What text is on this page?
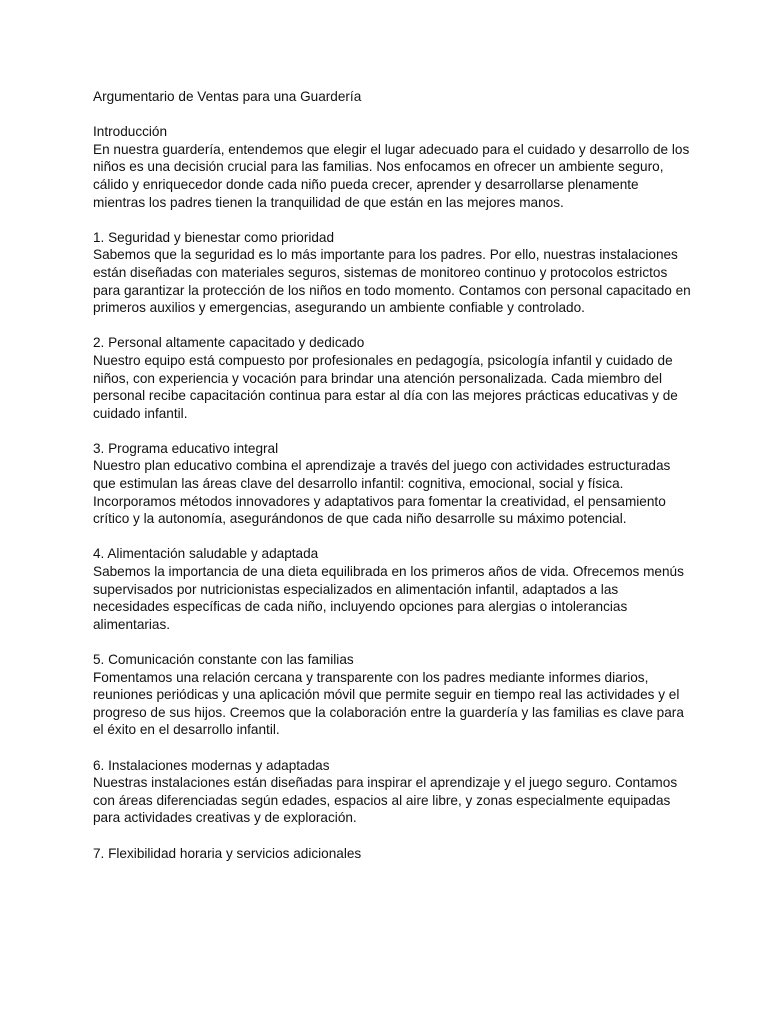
Argumentario de Ventas para una Guardería

Introducción
En nuestra guardería, entendemos que elegir el lugar adecuado para el cuidado y desarrollo de los niños es una decisión crucial para las familias. Nos enfocamos en ofrecer un ambiente seguro, cálido y enriquecedor donde cada niño pueda crecer, aprender y desarrollarse plenamente mientras los padres tienen la tranquilidad de que están en las mejores manos.
1. Seguridad y bienestar como prioridad
Sabemos que la seguridad es lo más importante para los padres. Por ello, nuestras instalaciones están diseñadas con materiales seguros, sistemas de monitoreo continuo y protocolos estrictos para garantizar la protección de los niños en todo momento. Contamos con personal capacitado en primeros auxilios y emergencias, asegurando un ambiente confiable y controlado.
2. Personal altamente capacitado y dedicado
Nuestro equipo está compuesto por profesionales en pedagogía, psicología infantil y cuidado de niños, con experiencia y vocación para brindar una atención personalizada. Cada miembro del personal recibe capacitación continua para estar al día con las mejores prácticas educativas y de cuidado infantil.
3. Programa educativo integral
Nuestro plan educativo combina el aprendizaje a través del juego con actividades estructuradas que estimulan las áreas clave del desarrollo infantil: cognitiva, emocional, social y física. Incorporamos métodos innovadores y adaptativos para fomentar la creatividad, el pensamiento crítico y la autonomía, asegurándonos de que cada niño desarrolle su máximo potencial.
4. Alimentación saludable y adaptada
Sabemos la importancia de una dieta equilibrada en los primeros años de vida. Ofrecemos menús supervisados por nutricionistas especializados en alimentación infantil, adaptados a las necesidades específicas de cada niño, incluyendo opciones para alergias o intolerancias alimentarias.
5. Comunicación constante con las familias
Fomentamos una relación cercana y transparente con los padres mediante informes diarios, reuniones periódicas y una aplicación móvil que permite seguir en tiempo real las actividades y el progreso de sus hijos. Creemos que la colaboración entre la guardería y las familias es clave para el éxito en el desarrollo infantil.
6. Instalaciones modernas y adaptadas
Nuestras instalaciones están diseñadas para inspirar el aprendizaje y el juego seguro. Contamos con áreas diferenciadas según edades, espacios al aire libre, y zonas especialmente equipadas para actividades creativas y de exploración.
7. Flexibilidad horaria y servicios adicionales
